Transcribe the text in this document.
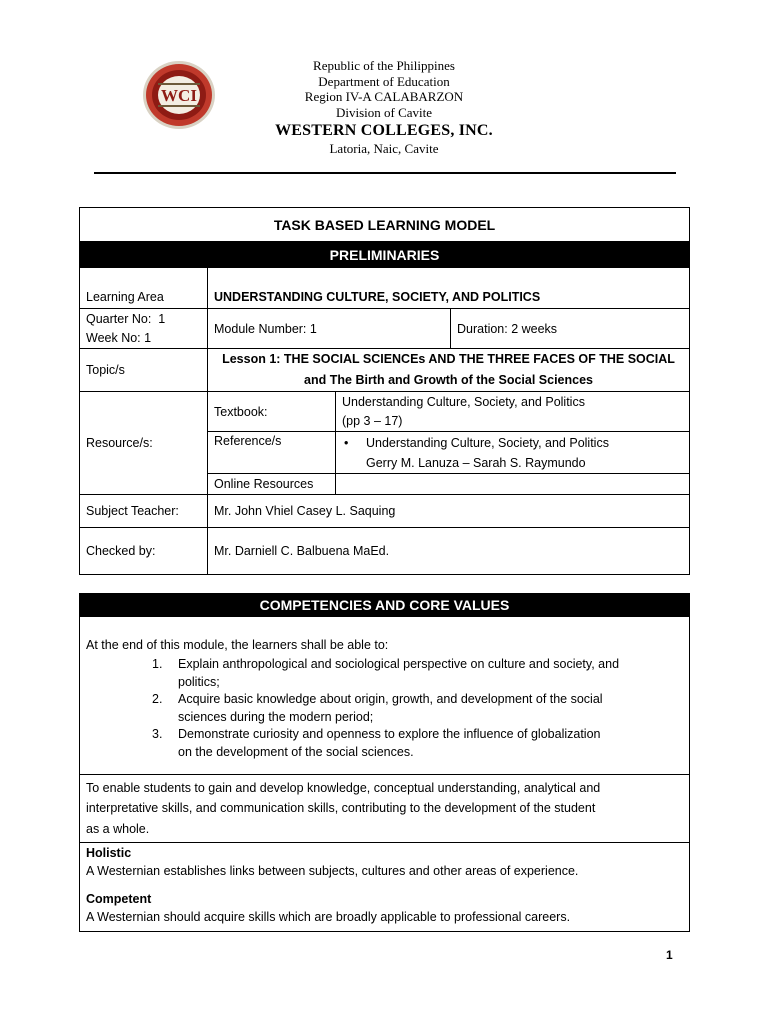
WCI
Republic of the Philippines
Department of Education
Region IV-A CALABARZON
Division of Cavite
WESTERN COLLEGES, INC.
Latoria, Naic, Cavite
TASK BASED LEARNING MODEL			
PRELIMINARIES			
Learning Area	UNDERSTANDING CULTURE, SOCIETY, AND POLITICS		

Quarter No:  1
Week No: 1	Module Number: 1		Duration: 2 weeks
Topic/s	Lesson 1: THE SOCIAL SCIENCEs AND THE THREE FACES OF THE SOCIAL
and The Birth and Growth of the Social Sciences		

Resource/s:	Textbook:	Understanding Culture, Society, and Politics
(pp 3 – 17)	

	Reference/s	• Understanding Culture, Society, and Politics
Gerry M. Lanuza – Sarah S. Raymundo	

	Online Resources		
Subject Teacher:	Mr. John Vhiel Casey L. Saquing		
Checked by:	Mr. Darniell C. Balbuena MaEd.		
COMPETENCIES AND CORE VALUES

At the end of this module, the learners shall be able to:
1. Explain anthropological and sociological perspective on culture and society, and
politics;
2. Acquire basic knowledge about origin, growth, and development of the social
sciences during the modern period;
3. Demonstrate curiosity and openness to explore the influence of globalization
on the development of the social sciences.

To enable students to gain and develop knowledge, conceptual understanding, analytical and
interpretative skills, and communication skills, contributing to the development of the student
as a whole.

Holistic
A Westernian establishes links between subjects, cultures and other areas of experience.
Competent
A Westernian should acquire skills which are broadly applicable to professional careers.
1
